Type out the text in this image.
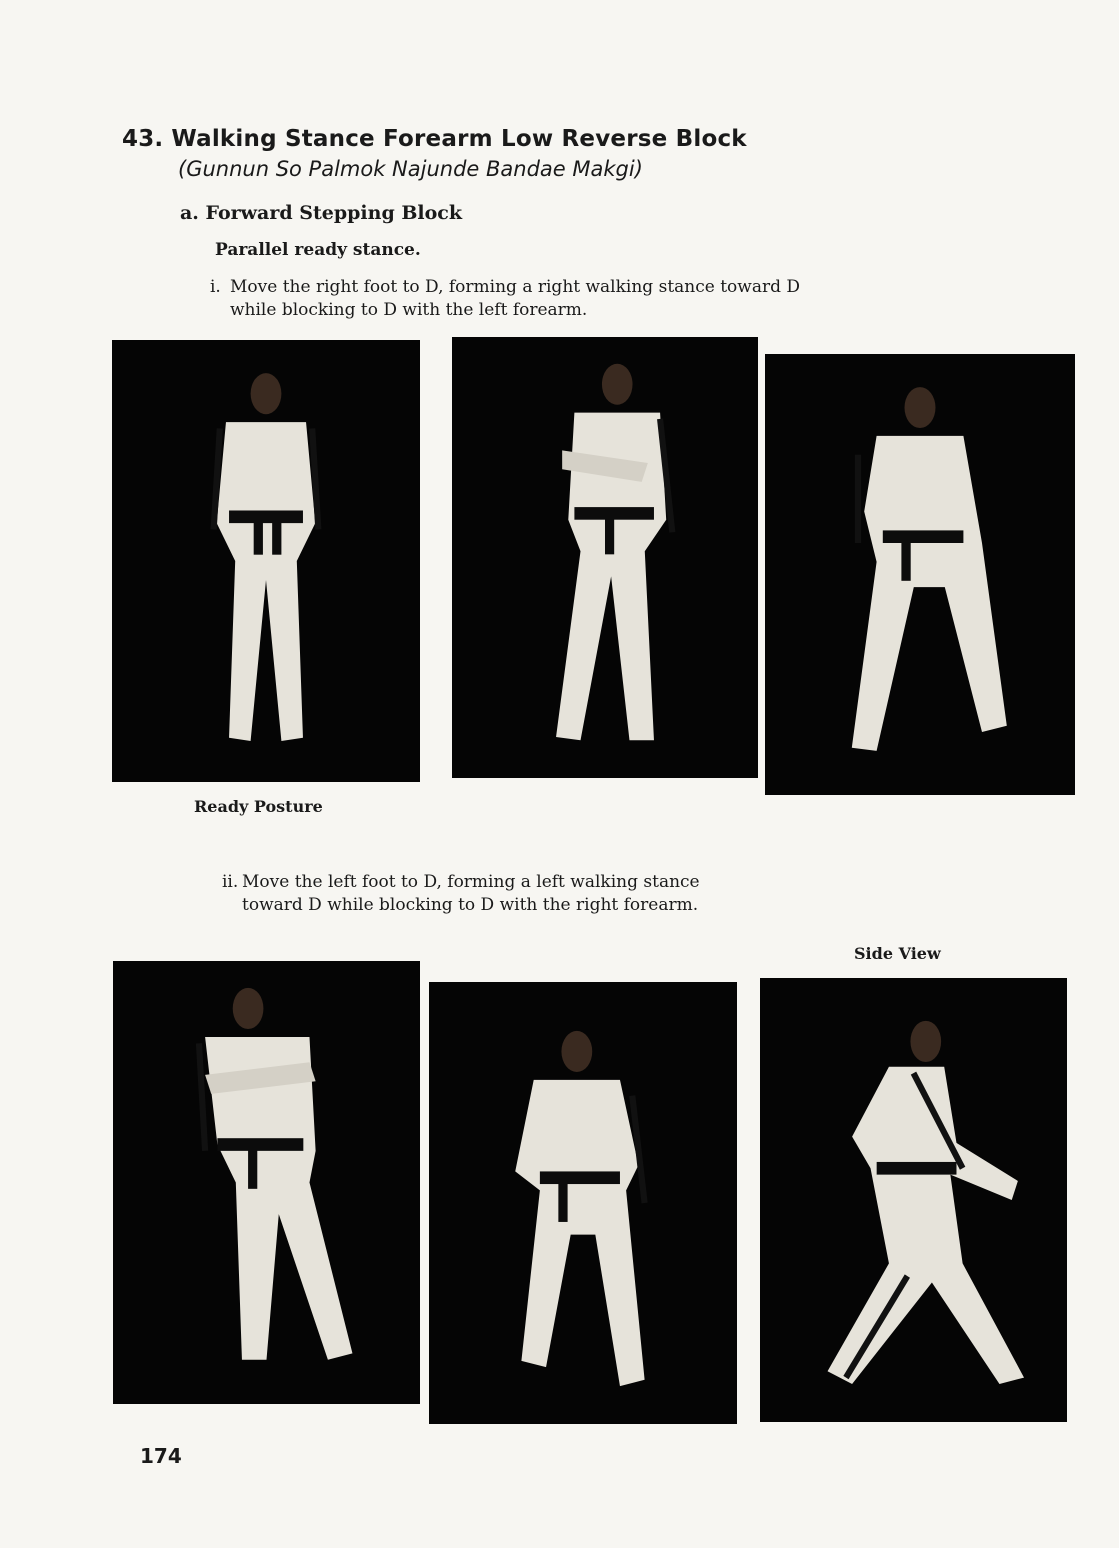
43. Walking Stance Forearm Low Reverse Block
(Gunnun So Palmok Najunde Bandae Makgi)
a. Forward Stepping Block
Parallel ready stance.
i. Move the right foot to D, forming a right walking stance toward D
while blocking to D with the left forearm.
Ready Posture
ii. Move the left foot to D, forming a left walking stance
toward D while blocking to D with the right forearm.
Side View
174
